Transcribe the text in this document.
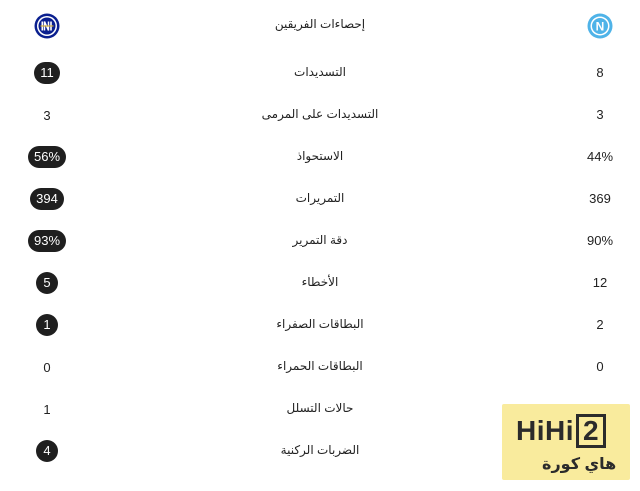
إحصاءات الفريقين	N
11	التسديدات	8
3	التسديدات على المرمى	3
56%	الاستحواذ	44%
394	التمريرات	369
93%	دقة التمرير	90%
5	الأخطاء	12
1	البطاقات الصفراء	2
0	البطاقات الحمراء	0
1	حالات التسلل
4	الضربات الركنية
HiHi 2
هاي كورة
